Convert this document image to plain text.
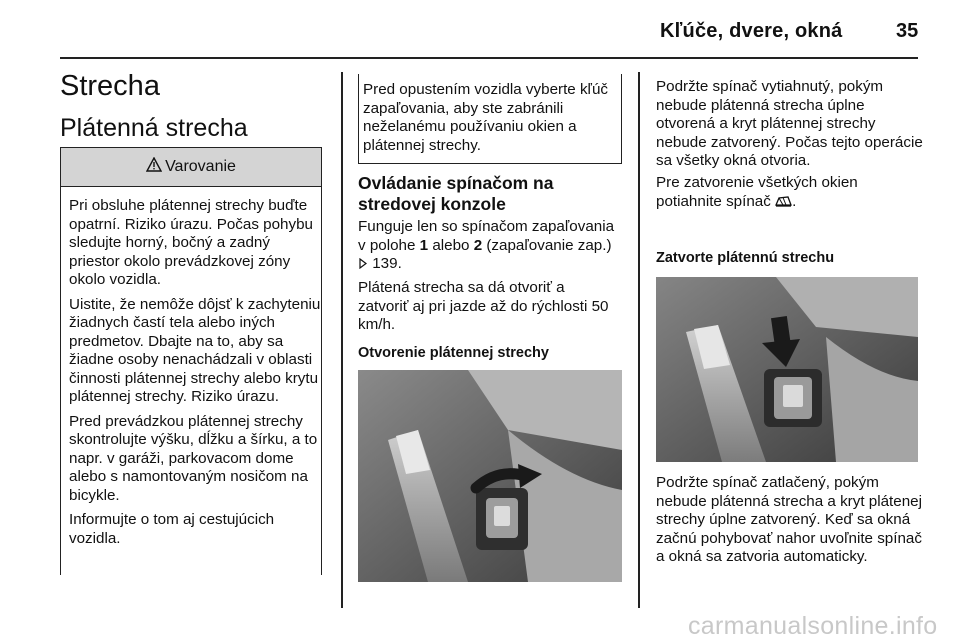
Kľúče, dvere, okná	35
Strecha
Plátenná strecha
Varovanie

Pri obsluhe plátennej strechy buďte opatrní. Riziko úrazu. Počas pohybu sledujte horný, bočný a zadný priestor okolo prevádzkovej zóny okolo vozidla.

Uistite, že nemôže dôjsť k zachyteniu žiadnych častí tela alebo iných predmetov. Dbajte na to, aby sa žiadne osoby nenachádzali v oblasti činnosti plátennej strechy alebo krytu plátennej strechy. Riziko úrazu.

Pred prevádzkou plátennej strechy skontrolujte výšku, dĺžku a šírku, a to napr. v garáži, parkovacom dome alebo s namontovaným nosičom na bicykle.

Informujte o tom aj cestujúcich vozidla.

Pred opustením vozidla vyberte kľúč zapaľovania, aby ste zabránili neželanému používaniu okien a plátennej strechy.
Ovládanie spínačom na stredovej konzole
Funguje len so spínačom zapaľovania v polohe 1 alebo 2 (zapaľovanie zap.)  139.
Plátená strecha sa dá otvoriť a zatvoriť aj pri jazde až do rýchlosti 50 km/h.
Otvorenie plátennej strechy
Podržte spínač vytiahnutý, pokým nebude plátenná strecha úplne otvorená a kryt plátennej strechy nebude zatvorený. Počas tejto operácie sa všetky okná otvoria.
Pre zatvorenie všetkých okien potiahnite spínač .
Zatvorte plátennú strechu
Podržte spínač zatlačený, pokým nebude plátenná strecha a kryt plátenej strechy úplne zatvorený. Keď sa okná začnú pohybovať nahor uvoľnite spínač a okná sa zatvoria automaticky.
carmanualsonline.info
